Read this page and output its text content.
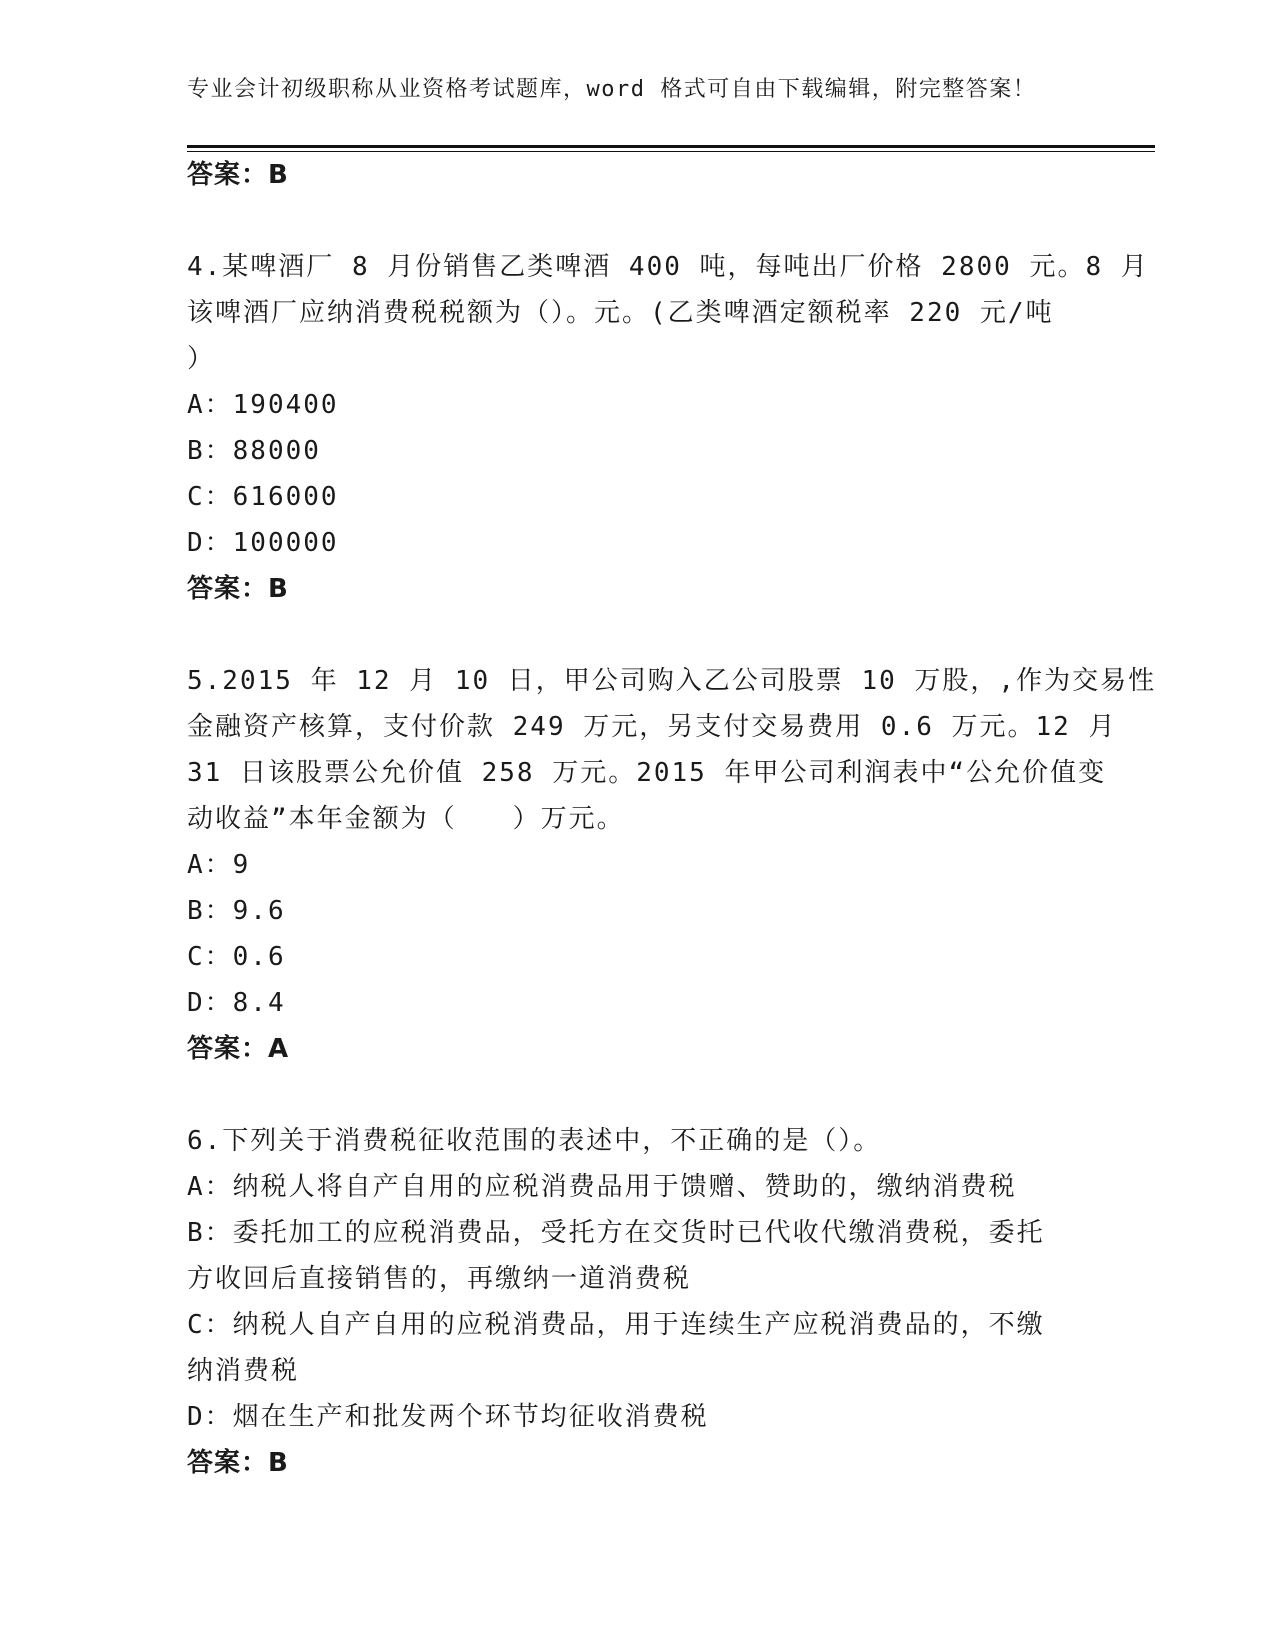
专业会计初级职称从业资格考试题库，word 格式可自由下载编辑，附完整答案！
答案：B
4.某啤酒厂 8 月份销售乙类啤酒 400 吨，每吨出厂价格 2800 元。8 月
该啤酒厂应纳消费税税额为（）。元。(乙类啤酒定额税率 220 元/吨
）
A：190400
B：88000
C：616000
D：100000
答案：B
5.2015 年 12 月 10 日，甲公司购入乙公司股票 10 万股，,作为交易性
金融资产核算，支付价款 249 万元，另支付交易费用 0.6 万元。12 月
31 日该股票公允价值 258 万元。2015 年甲公司利润表中“公允价值变
动收益”本年金额为（　　）万元。
A：9
B：9.6
C：0.6
D：8.4
答案：A
6.下列关于消费税征收范围的表述中，不正确的是（）。
A：纳税人将自产自用的应税消费品用于馈赠、赞助的，缴纳消费税
B：委托加工的应税消费品，受托方在交货时已代收代缴消费税，委托
方收回后直接销售的，再缴纳一道消费税
C：纳税人自产自用的应税消费品，用于连续生产应税消费品的，不缴
纳消费税
D：烟在生产和批发两个环节均征收消费税
答案：B
